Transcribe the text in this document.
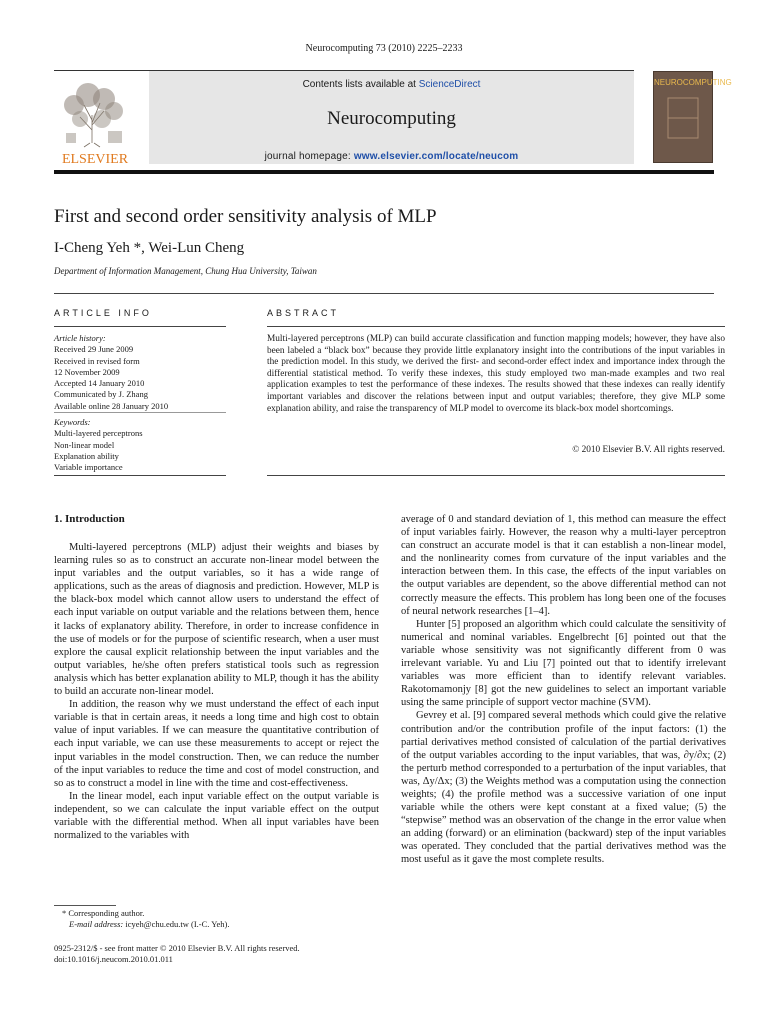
Neurocomputing 73 (2010) 2225–2233
ELSEVIER
Contents lists available at ScienceDirect
Neurocomputing
journal homepage: www.elsevier.com/locate/neucom
NEUROCOMPUTING
First and second order sensitivity analysis of MLP
I-Cheng Yeh *, Wei-Lun Cheng
Department of Information Management, Chung Hua University, Taiwan
ARTICLE INFO	ABSTRACT
Article history:
Received 29 June 2009
Received in revised form
12 November 2009
Accepted 14 January 2010
Communicated by J. Zhang
Available online 28 January 2010
Keywords:
Multi-layered perceptrons
Non-linear model
Explanation ability
Variable importance
Multi-layered perceptrons (MLP) can build accurate classification and function mapping models; however, they have also been labeled a “black box” because they provide little explanatory insight into the contributions of the input variables in the prediction model. In this study, we derived the first- and second-order effect index and importance index through the differential statistical method. To verify these indexes, this study employed two man-made examples and two real application examples to test the performance of these indexes. The results showed that these indexes can really identify important variables and discover the relations between input and output variables; therefore, they give MLP some explanation ability, and raise the transparency of MLP model to overcome its black-box model shortcomings.
© 2010 Elsevier B.V. All rights reserved.
1. Introduction

Multi-layered perceptrons (MLP) adjust their weights and biases by learning rules so as to construct an accurate non-linear model between the input variables and the output variables, so it has a wide range of applications, such as the areas of diagnosis and prediction. However, MLP is the black-box model which cannot allow users to understand the effect of each input variable on output variable and the relations between them, hence it lacks of explanatory ability. Therefore, in order to increase confidence in the use of models or for the purpose of scientific research, when a user must explore the causal explicit relationship between the input variables and the output variables, he/she often prefers statistical tools such as regression analysis which has better explanation ability to MLP, though it has the ability to build an accurate non-linear model.

In addition, the reason why we must understand the effect of each input variable is that in certain areas, it needs a long time and high cost to obtain value of input variables. If we can measure the quantitative contribution of each input variable, we can use these measurements to accept or reject the input variables in the model construction. Then, we can reduce the number of the input variables to reduce the time and cost of model construction, and so as to construct a model in line with the time and cost-effectiveness.

In the linear model, each input variable effect on the output variable is independent, so we can calculate the input variable effect on the output variable with the differential method. When all input variables have been normalized to the variables with

average of 0 and standard deviation of 1, this method can measure the effect of input variables fairly. However, the reason why a multi-layer perceptron can construct an accurate model is that it can establish a non-linear model, and the nonlinearity comes from curvature of the input variables and the interaction between them. In this case, the effects of the input variables on the output variables are dependent, so the above differential method can not correctly measure the effects. This problem has long been one of the focuses of neural network researches [1–4].

Hunter [5] proposed an algorithm which could calculate the sensitivity of numerical and nominal variables. Engelbrecht [6] pointed out that the variable whose sensitivity was not significantly different from 0 was irrelevant variable. Yu and Liu [7] pointed out that to identify irrelevant variables was more efficient than to identify relevant variables. Rakotomamonjy [8] got the new guidelines to select an important variable using the same principle of support vector machine (SVM).

Gevrey et al. [9] compared several methods which could give the relative contribution and/or the contribution profile of the input factors: (1) the partial derivatives method consisted of calculation of the partial derivatives of the output variables according to the input variables, that was, ∂y/∂x; (2) the perturb method corresponded to a perturbation of the input variables, that was, Δy/Δx; (3) the Weights method was a computation using the connection weights; (4) the profile method was a successive variation of one input variable while the others were kept constant at a fixed value; (5) the “stepwise” method was an observation of the change in the error value when an adding (forward) or an elimination (backward) step of the input variables was operated. They concluded that the partial derivatives method was the most useful as it gave the most complete results.

* Corresponding author.
E-mail address: icyeh@chu.edu.tw (I.-C. Yeh).
0925-2312/$ - see front matter © 2010 Elsevier B.V. All rights reserved.
doi:10.1016/j.neucom.2010.01.011
